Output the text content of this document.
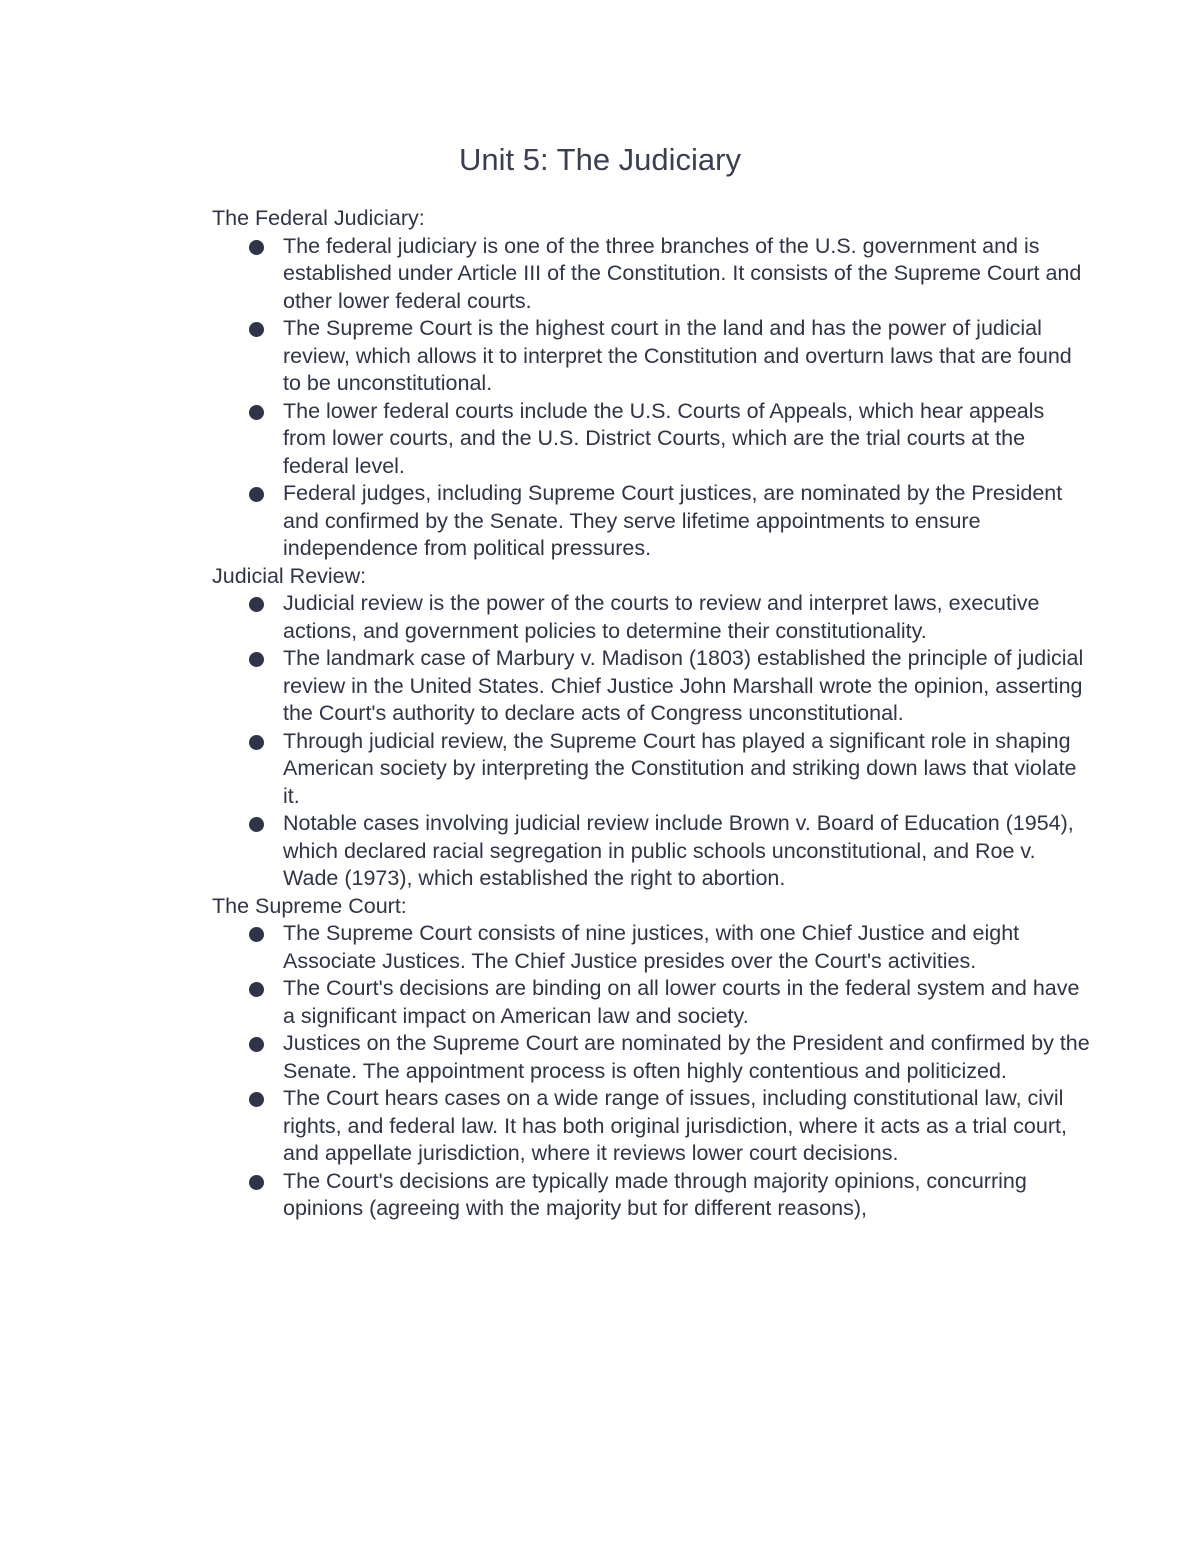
Unit 5: The Judiciary

The Federal Judiciary:

The federal judiciary is one of the three branches of the U.S. government and is established under Article III of the Constitution. It consists of the Supreme Court and other lower federal courts.
The Supreme Court is the highest court in the land and has the power of judicial review, which allows it to interpret the Constitution and overturn laws that are found to be unconstitutional.
The lower federal courts include the U.S. Courts of Appeals, which hear appeals from lower courts, and the U.S. District Courts, which are the trial courts at the federal level.
Federal judges, including Supreme Court justices, are nominated by the President and confirmed by the Senate. They serve lifetime appointments to ensure independence from political pressures.

Judicial Review:

Judicial review is the power of the courts to review and interpret laws, executive actions, and government policies to determine their constitutionality.
The landmark case of Marbury v. Madison (1803) established the principle of judicial review in the United States. Chief Justice John Marshall wrote the opinion, asserting the Court's authority to declare acts of Congress unconstitutional.
Through judicial review, the Supreme Court has played a significant role in shaping American society by interpreting the Constitution and striking down laws that violate it.
Notable cases involving judicial review include Brown v. Board of Education (1954), which declared racial segregation in public schools unconstitutional, and Roe v. Wade (1973), which established the right to abortion.

The Supreme Court:

The Supreme Court consists of nine justices, with one Chief Justice and eight Associate Justices. The Chief Justice presides over the Court's activities.
The Court's decisions are binding on all lower courts in the federal system and have a significant impact on American law and society.
Justices on the Supreme Court are nominated by the President and confirmed by the Senate. The appointment process is often highly contentious and politicized.
The Court hears cases on a wide range of issues, including constitutional law, civil rights, and federal law. It has both original jurisdiction, where it acts as a trial court, and appellate jurisdiction, where it reviews lower court decisions.
The Court's decisions are typically made through majority opinions, concurring opinions (agreeing with the majority but for different reasons),
